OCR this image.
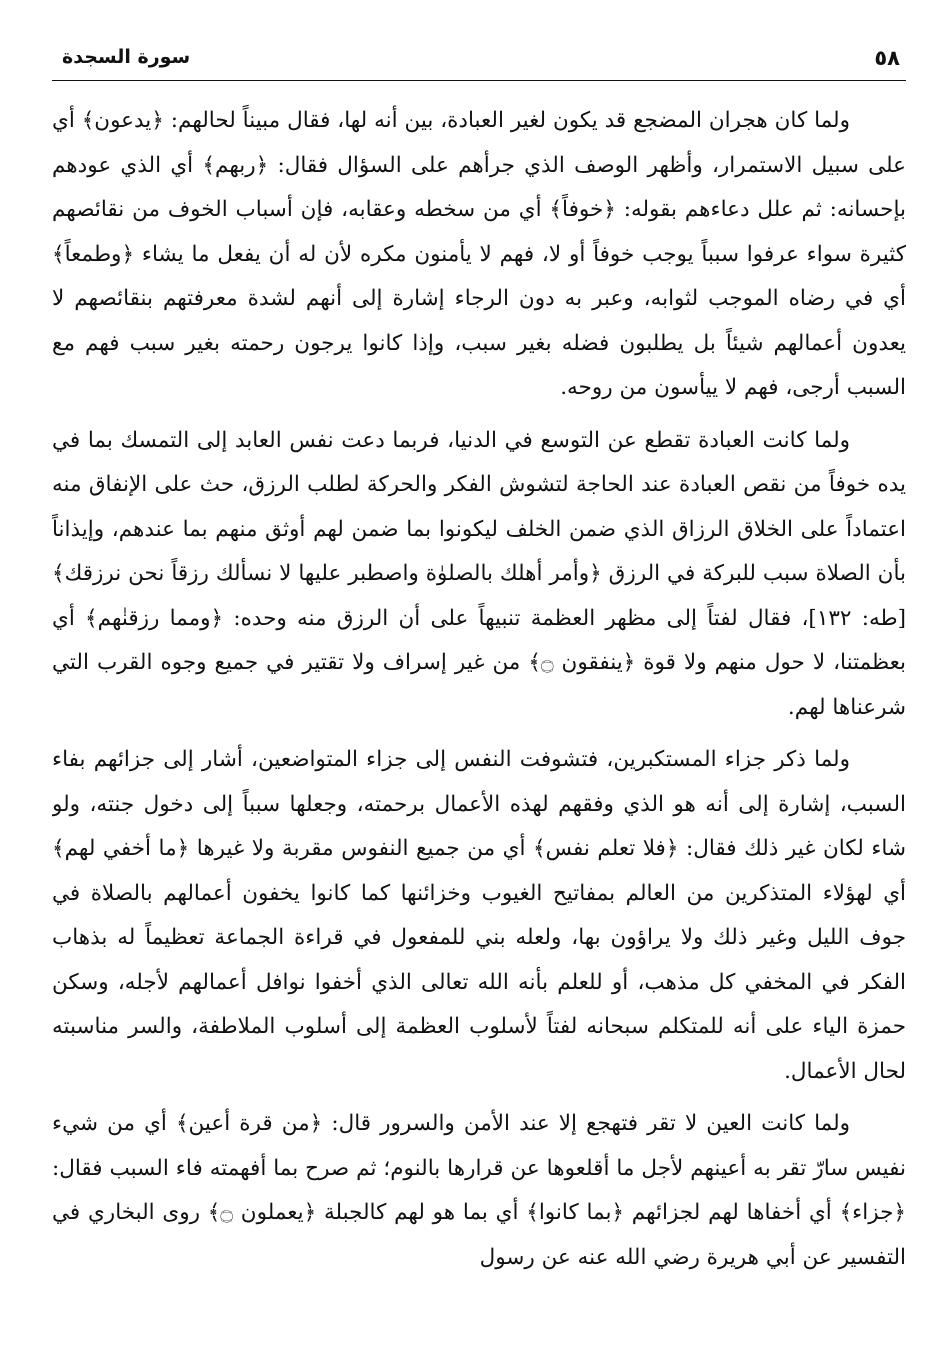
٥٨
سورة السجدة

ولما كان هجران المضجع قد يكون لغير العبادة، بين أنه لها، فقال مبيناً لحالهم: ﴿يدعون﴾ أي على سبيل الاستمرار، وأظهر الوصف الذي جرأهم على السؤال فقال: ﴿ربهم﴾ أي الذي عودهم بإحسانه: ثم علل دعاءهم بقوله: ﴿خوفاً﴾ أي من سخطه وعقابه، فإن أسباب الخوف من نقائصهم كثيرة سواء عرفوا سبباً يوجب خوفاً أو لا، فهم لا يأمنون مكره لأن له أن يفعل ما يشاء ﴿وطمعاً﴾ أي في رضاه الموجب لثوابه، وعبر به دون الرجاء إشارة إلى أنهم لشدة معرفتهم بنقائصهم لا يعدون أعمالهم شيئاً بل يطلبون فضله بغير سبب، وإذا كانوا يرجون رحمته بغير سبب فهم مع السبب أرجى، فهم لا ييأسون من روحه.

ولما كانت العبادة تقطع عن التوسع في الدنيا، فربما دعت نفس العابد إلى التمسك بما في يده خوفاً من نقص العبادة عند الحاجة لتشوش الفكر والحركة لطلب الرزق، حث على الإنفاق منه اعتماداً على الخلاق الرزاق الذي ضمن الخلف ليكونوا بما ضمن لهم أوثق منهم بما عندهم، وإيذاناً بأن الصلاة سبب للبركة في الرزق ﴿وأمر أهلك بالصلوٰة واصطبر عليها لا نسألك رزقاً نحن نرزقك﴾ [طه: ١٣٢]، فقال لفتاً إلى مظهر العظمة تنبيهاً على أن الرزق منه وحده: ﴿ومما رزقنٰهم﴾ أي بعظمتنا، لا حول منهم ولا قوة ﴿ينفقون ۝﴾ من غير إسراف ولا تقتير في جميع وجوه القرب التي شرعناها لهم.

ولما ذكر جزاء المستكبرين، فتشوفت النفس إلى جزاء المتواضعين، أشار إلى جزائهم بفاء السبب، إشارة إلى أنه هو الذي وفقهم لهذه الأعمال برحمته، وجعلها سبباً إلى دخول جنته، ولو شاء لكان غير ذلك فقال: ﴿فلا تعلم نفس﴾ أي من جميع النفوس مقربة ولا غيرها ﴿ما أخفي لهم﴾ أي لهؤلاء المتذكرين من العالم بمفاتيح الغيوب وخزائنها كما كانوا يخفون أعمالهم بالصلاة في جوف الليل وغير ذلك ولا يراؤون بها، ولعله بني للمفعول في قراءة الجماعة تعظيماً له بذهاب الفكر في المخفي كل مذهب، أو للعلم بأنه الله تعالى الذي أخفوا نوافل أعمالهم لأجله، وسكن حمزة الياء على أنه للمتكلم سبحانه لفتاً لأسلوب العظمة إلى أسلوب الملاطفة، والسر مناسبته لحال الأعمال.

ولما كانت العين لا تقر فتهجع إلا عند الأمن والسرور قال: ﴿من قرة أعين﴾ أي من شيء نفيس سارّ تقر به أعينهم لأجل ما أقلعوها عن قرارها بالنوم؛ ثم صرح بما أفهمته فاء السبب فقال: ﴿جزاء﴾ أي أخفاها لهم لجزائهم ﴿بما كانوا﴾ أي بما هو لهم كالجبلة ﴿يعملون ۝﴾ روى البخاري في التفسير عن أبي هريرة رضي الله عنه عن رسول
